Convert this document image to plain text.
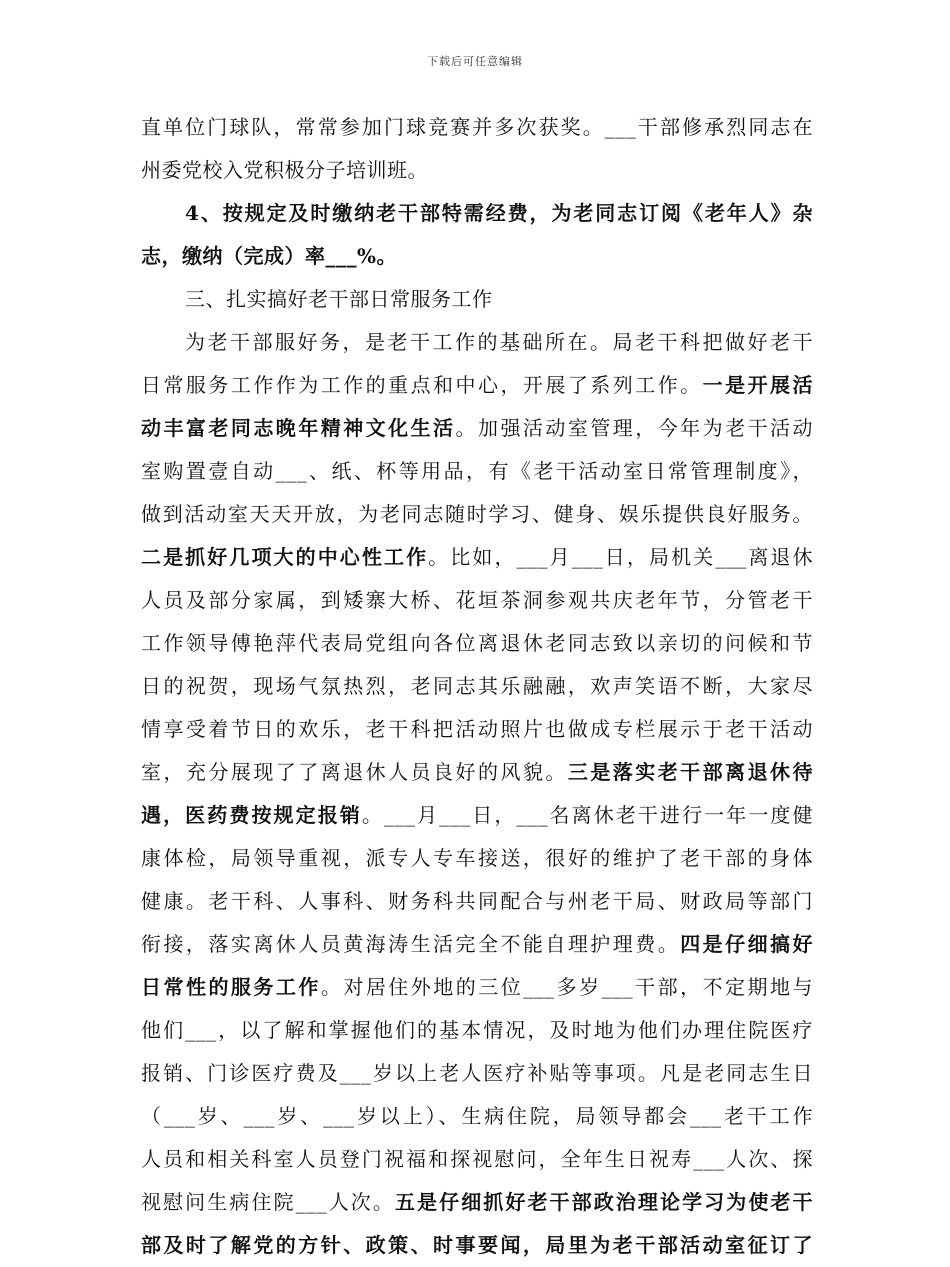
下载后可任意编辑
直单位门球队，常常参加门球竞赛并多次获奖。___干部修承烈同志在
州委党校入党积极分子培训班。
4、按规定及时缴纳老干部特需经费，为老同志订阅《老年人》杂
志，缴纳（完成）率___%。
三、扎实搞好老干部日常服务工作
为老干部服好务，是老干工作的基础所在。局老干科把做好老干
日常服务工作作为工作的重点和中心，开展了系列工作。一是开展活
动丰富老同志晚年精神文化生活。加强活动室管理，今年为老干活动
室购置壹自动___、纸、杯等用品，有《老干活动室日常管理制度》，
做到活动室天天开放，为老同志随时学习、健身、娱乐提供良好服务。
二是抓好几项大的中心性工作。比如，___月___日，局机关___离退休
人员及部分家属，到矮寨大桥、花垣茶洞参观共庆老年节，分管老干
工作领导傅艳萍代表局党组向各位离退休老同志致以亲切的问候和节
日的祝贺，现场气氛热烈，老同志其乐融融，欢声笑语不断，大家尽
情享受着节日的欢乐，老干科把活动照片也做成专栏展示于老干活动
室，充分展现了了离退休人员良好的风貌。三是落实老干部离退休待
遇，医药费按规定报销。___月___日，___名离休老干进行一年一度健
康体检，局领导重视，派专人专车接送，很好的维护了老干部的身体
健康。老干科、人事科、财务科共同配合与州老干局、财政局等部门
衔接，落实离休人员黄海涛生活完全不能自理护理费。四是仔细搞好
日常性的服务工作。对居住外地的三位___多岁___干部，不定期地与
他们___，以了解和掌握他们的基本情况，及时地为他们办理住院医疗
报销、门诊医疗费及___岁以上老人医疗补贴等事项。凡是老同志生日
（___岁、___岁、___岁以上）、生病住院，局领导都会___老干工作
人员和相关科室人员登门祝福和探视慰问，全年生日祝寿___人次、探
视慰问生病住院___人次。五是仔细抓好老干部政治理论学习为使老干
部及时了解党的方针、政策、时事要闻，局里为老干部活动室征订了
